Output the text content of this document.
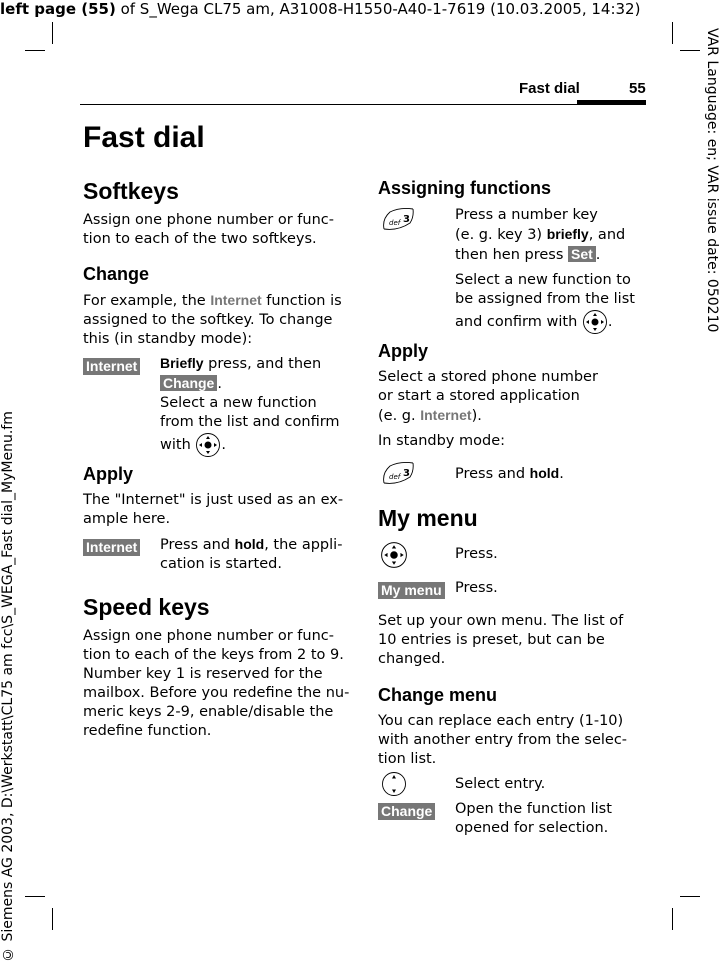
left page (55) of S_Wega CL75 am, A31008-H1550-A40-1-7619 (10.03.2005, 14:32)
VAR Language: en; VAR issue date: 050210
© Siemens AG 2003, D:\Werkstatt\CL75 am fcc\S_WEGA_Fast dial_MyMenu.fm
Fast dial	55
Fast dial
Softkeys
Assign one phone number or func-
tion to each of the two softkeys.
Change
For example, the Internet function is
assigned to the softkey. To change
this (in standby mode):
Internet Briefly press, and then
Change .
Select a new function
from the list and confirm
with .
Apply
The "Internet" is just used as an ex-
ample here.
Internet Press and hold, the appli-
cation is started.
Speed keys
Assign one phone number or func-
tion to each of the keys from 2 to 9.
Number key 1 is reserved for the
mailbox. Before you redefine the nu-
meric keys 2-9, enable/disable the
redefine function.
Assigning functions
def 3	Press a number key
(e. g. key 3) briefly, and
then hen press Set .
Select a new function to
be assigned from the list
and confirm with .
Apply
Select a stored phone number
or start a stored application
(e. g. Internet).
In standby mode:
def 3	Press and hold.
My menu
Press.
My menu Press.
Set up your own menu. The list of
10 entries is preset, but can be
changed.
Change menu
You can replace each entry (1-10)
with another entry from the selec-
tion list.
Select entry.
Change Open the function list
opened for selection.
